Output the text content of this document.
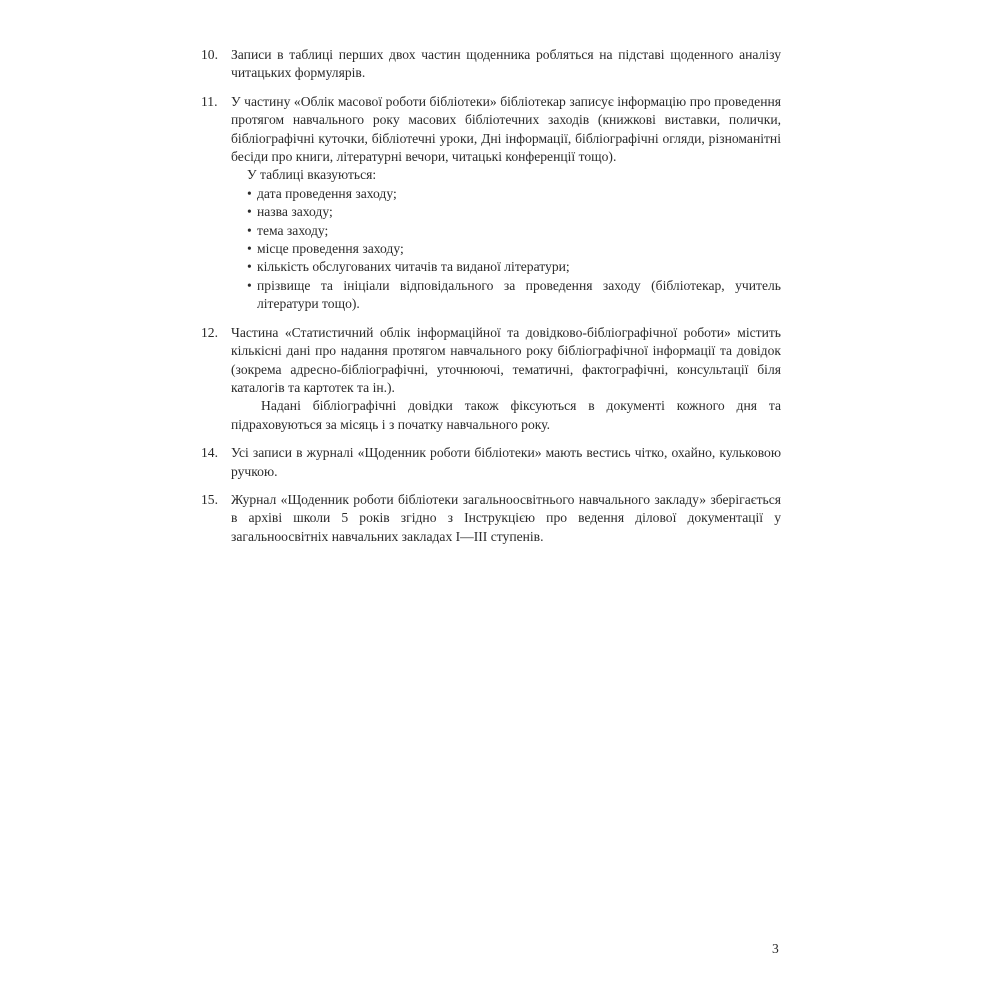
10. Записи в таблиці перших двох частин щоденника робляться на підставі щоденного аналізу читацьких формулярів.
11. У частину «Облік масової роботи бібліотеки» бібліотекар записує інформацію про проведення протягом навчального року масових бібліотечних заходів (книжкові виставки, полички, бібліографічні куточки, бібліотечні уроки, Дні інформації, бібліографічні огляди, різноманітні бесіди про книги, літературні вечори, читацькі конференції тощо).
У таблиці вказуються:
• дата проведення заходу;
• назва заходу;
• тема заходу;
• місце проведення заходу;
• кількість обслугованих читачів та виданої літератури;
• прізвище та ініціали відповідального за проведення заходу (бібліотекар, учитель літератури тощо).
12. Частина «Статистичний облік інформаційної та довідково-бібліографічної роботи» містить кількісні дані про надання протягом навчального року бібліографічної інформації та довідок (зокрема адресно-бібліографічні, уточнюючі, тематичні, фактографічні, консультації біля каталогів та картотек та ін.).
Надані бібліографічні довідки також фіксуються в документі кожного дня та підраховуються за місяць і з початку навчального року.
14. Усі записи в журналі «Щоденник роботи бібліотеки» мають вестись чітко, охайно, кульковою ручкою.
15. Журнал «Щоденник роботи бібліотеки загальноосвітнього навчального закладу» зберігається в архіві школи 5 років згідно з Інструкцією про ведення ділової документації у загальноосвітніх навчальних закладах I—III ступенів.
3
